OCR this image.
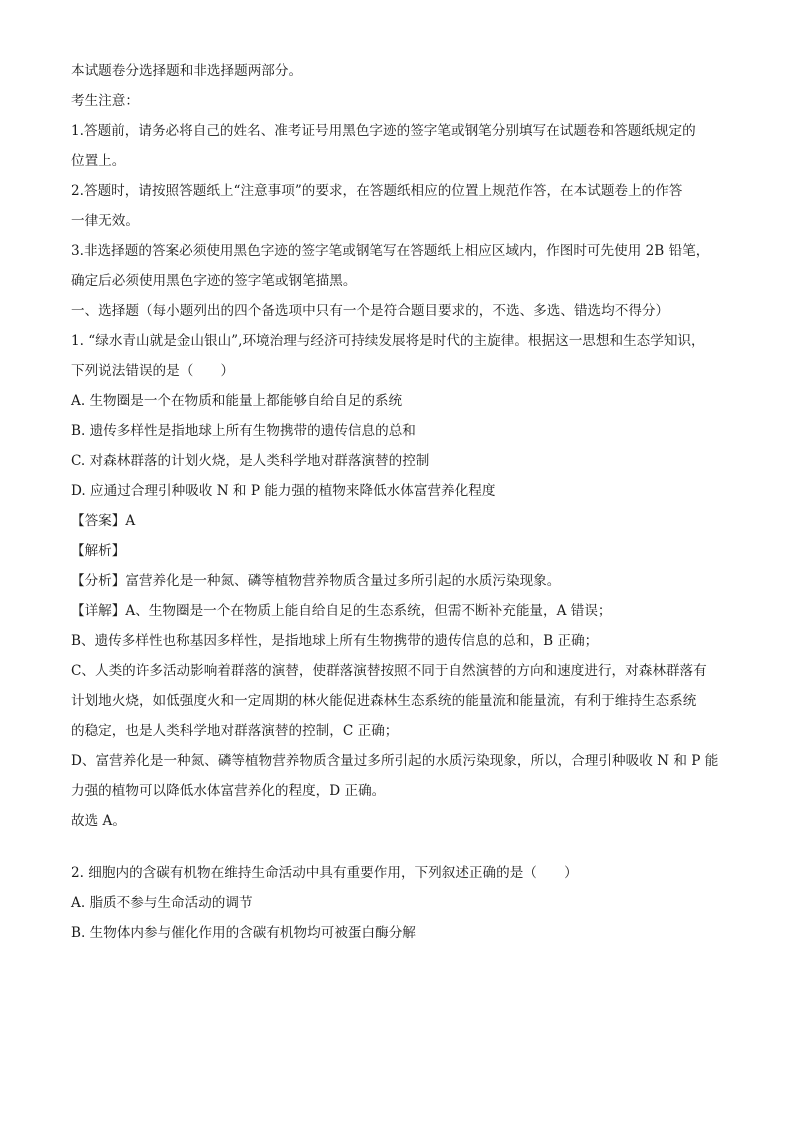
本试题卷分选择题和非选择题两部分。

考生注意：

1.答题前，请务必将自己的姓名、准考证号用黑色字迹的签字笔或钢笔分别填写在试题卷和答题纸规定的

位置上。

2.答题时，请按照答题纸上“注意事项”的要求，在答题纸相应的位置上规范作答，在本试题卷上的作答

一律无效。

3.非选择题的答案必须使用黑色字迹的签字笔或钢笔写在答题纸上相应区域内，作图时可先使用 2B 铅笔，

确定后必须使用黑色字迹的签字笔或钢笔描黑。

一、选择题（每小题列出的四个备选项中只有一个是符合题目要求的，不选、多选、错选均不得分）

1. “绿水青山就是金山银山”,环境治理与经济可持续发展将是时代的主旋律。根据这一思想和生态学知识，

下列说法错误的是（　　）

A. 生物圈是一个在物质和能量上都能够自给自足的系统

B. 遗传多样性是指地球上所有生物携带的遗传信息的总和

C. 对森林群落的计划火烧，是人类科学地对群落演替的控制

D. 应通过合理引种吸收 N 和 P 能力强的植物来降低水体富营养化程度

【答案】A

【解析】

【分析】富营养化是一种氮、磷等植物营养物质含量过多所引起的水质污染现象。

【详解】A、生物圈是一个在物质上能自给自足的生态系统，但需不断补充能量，A 错误；

B、遗传多样性也称基因多样性，是指地球上所有生物携带的遗传信息的总和，B 正确；

C、人类的许多活动影响着群落的演替，使群落演替按照不同于自然演替的方向和速度进行，对森林群落有

计划地火烧，如低强度火和一定周期的林火能促进森林生态系统的能量流和能量流，有利于维持生态系统

的稳定，也是人类科学地对群落演替的控制，C 正确；

D、富营养化是一种氮、磷等植物营养物质含量过多所引起的水质污染现象，所以，合理引种吸收 N 和 P 能

力强的植物可以降低水体富营养化的程度，D 正确。

故选 A。

2. 细胞内的含碳有机物在维持生命活动中具有重要作用，下列叙述正确的是（　　）

A. 脂质不参与生命活动的调节

B. 生物体内参与催化作用的含碳有机物均可被蛋白酶分解
